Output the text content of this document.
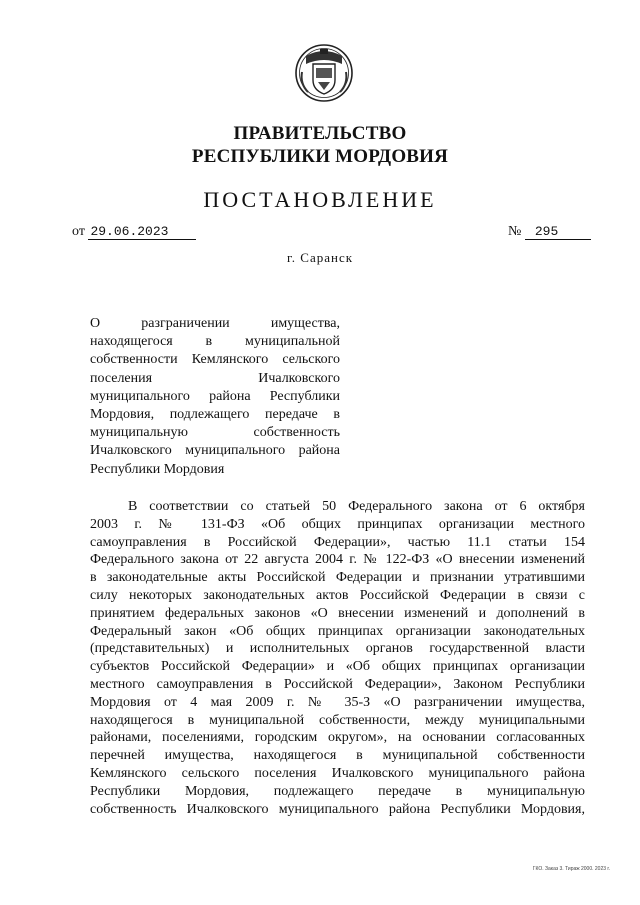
ПРАВИТЕЛЬСТВО
РЕСПУБЛИКИ МОРДОВИЯ
ПОСТАНОВЛЕНИЕ
от 29.06.2023	№ 295
г. Саранск
О разграничении имущества,
находящегося в муниципальной
собственности Кемлянского сельского
поселения Ичалковского
муниципального района Республики
Мордовия, подлежащего передаче в
муниципальную собственность
Ичалковского муниципального района
Республики Мордовия
В соответствии со статьей 50 Федерального закона от 6 октября
2003 г. № 131-ФЗ «Об общих принципах организации местного
самоуправления в Российской Федерации», частью 11.1 статьи 154
Федерального закона от 22 августа 2004 г. № 122-ФЗ «О внесении изменений
в законодательные акты Российской Федерации и признании утратившими
силу некоторых законодательных актов Российской Федерации в связи с
принятием федеральных законов «О внесении изменений и дополнений в
Федеральный закон «Об общих принципах организации законодательных
(представительных) и исполнительных органов государственной власти
субъектов Российской Федерации» и «Об общих принципах организации
местного самоуправления в Российской Федерации», Законом Республики
Мордовия от 4 мая 2009 г. № 35-З «О разграничении имущества,
находящегося в муниципальной собственности, между муниципальными
районами, поселениями, городским округом», на основании согласованных
перечней имущества, находящегося в муниципальной собственности
Кемлянского сельского поселения Ичалковского муниципального района
Республики Мордовия, подлежащего передаче в муниципальную
собственность Ичалковского муниципального района Республики Мордовия,
ГКО. Заказ 3. Тираж 2000. 2023 г.
